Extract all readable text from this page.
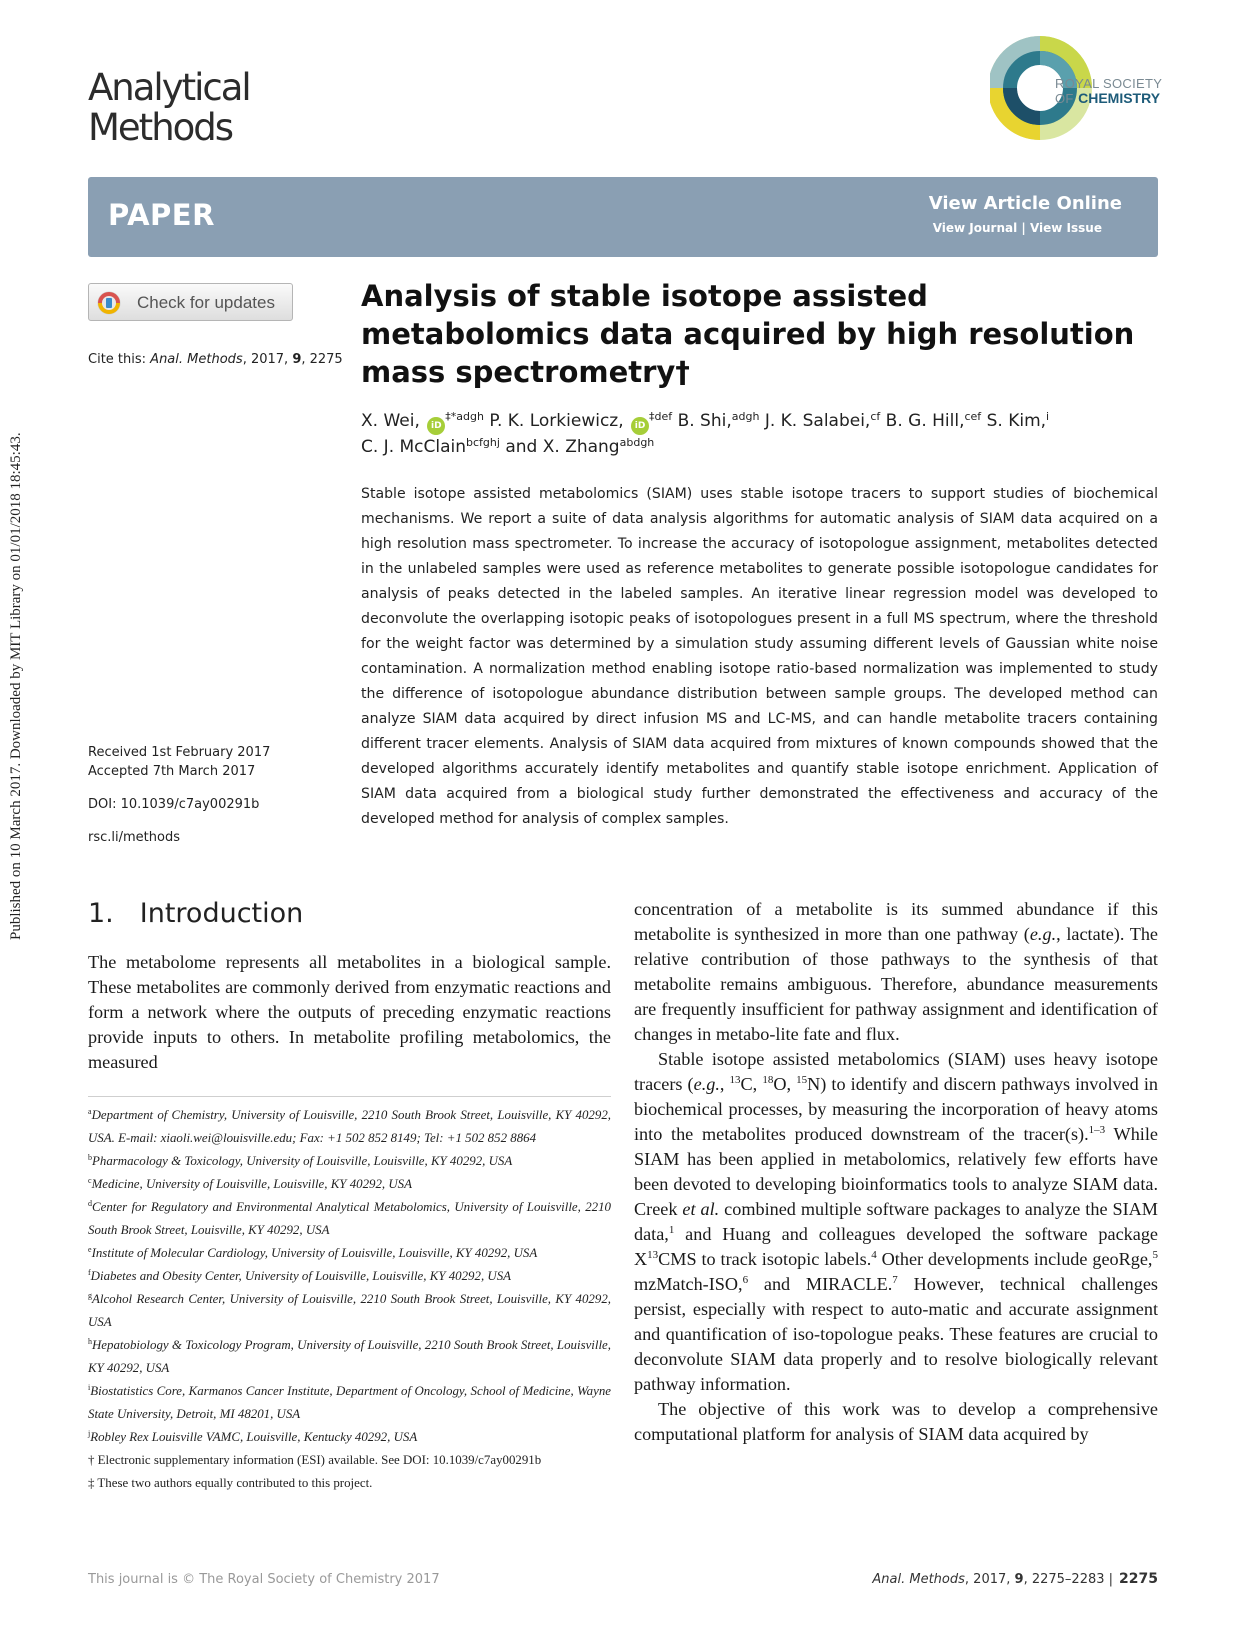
Published on 10 March 2017. Downloaded by MIT Library on 01/01/2018 18:45:43.
Analytical
Methods
ROYAL SOCIETY
OF CHEMISTRY
PAPER	View Article Online
View Journal | View Issue
Check for updates
Cite this: Anal. Methods, 2017, 9, 2275
Received 1st February 2017
Accepted 7th March 2017
DOI: 10.1039/c7ay00291b
rsc.li/methods
Analysis of stable isotope assisted metabolomics data acquired by high resolution mass spectrometry†
X. Wei, $iD^{\ddagger*adgh}$ P. K. Lorkiewicz, $iD^{\ddagger def}$ B. Shi,$^{adgh}$ J. K. Salabei,$^{cf}$ B. G. Hill,$^{cef}$ S. Kim,$^i$
C. J. McClain$^{bcfghj}$ and X. Zhang$^{abdgh}$
Stable isotope assisted metabolomics (SIAM) uses stable isotope tracers to support studies of biochemical mechanisms. We report a suite of data analysis algorithms for automatic analysis of SIAM data acquired on a high resolution mass spectrometer. To increase the accuracy of isotopologue assignment, metabolites detected in the unlabeled samples were used as reference metabolites to generate possible isotopologue candidates for analysis of peaks detected in the labeled samples. An iterative linear regression model was developed to deconvolute the overlapping isotopic peaks of isotopologues present in a full MS spectrum, where the threshold for the weight factor was determined by a simulation study assuming different levels of Gaussian white noise contamination. A normalization method enabling isotope ratio-based normalization was implemented to study the difference of isotopologue abundance distribution between sample groups. The developed method can analyze SIAM data acquired by direct infusion MS and LC-MS, and can handle metabolite tracers containing different tracer elements. Analysis of SIAM data acquired from mixtures of known compounds showed that the developed algorithms accurately identify metabolites and quantify stable isotope enrichment. Application of SIAM data acquired from a biological study further demonstrated the effectiveness and accuracy of the developed method for analysis of complex samples.
1. Introduction

The metabolome represents all metabolites in a biological sample. These metabolites are commonly derived from enzymatic reactions and form a network where the outputs of preceding enzymatic reactions provide inputs to others. In metabolite profiling metabolomics, the measured

$^a$Department of Chemistry, University of Louisville, 2210 South Brook Street, Louisville, KY 40292, USA. E-mail: xiaoli.wei@louisville.edu; Fax: +1 502 852 8149; Tel: +1 502 852 8864

$^b$Pharmacology & Toxicology, University of Louisville, Louisville, KY 40292, USA

$^c$Medicine, University of Louisville, Louisville, KY 40292, USA

$^d$Center for Regulatory and Environmental Analytical Metabolomics, University of Louisville, 2210 South Brook Street, Louisville, KY 40292, USA

$^e$Institute of Molecular Cardiology, University of Louisville, Louisville, KY 40292, USA

$^f$Diabetes and Obesity Center, University of Louisville, Louisville, KY 40292, USA

$^g$Alcohol Research Center, University of Louisville, 2210 South Brook Street, Louisville, KY 40292, USA

$^h$Hepatobiology & Toxicology Program, University of Louisville, 2210 South Brook Street, Louisville, KY 40292, USA

$^i$Biostatistics Core, Karmanos Cancer Institute, Department of Oncology, School of Medicine, Wayne State University, Detroit, MI 48201, USA

$^j$Robley Rex Louisville VAMC, Louisville, Kentucky 40292, USA

† Electronic supplementary information (ESI) available. See DOI: 10.1039/c7ay00291b

‡ These two authors equally contributed to this project.

concentration of a metabolite is its summed abundance if this metabolite is synthesized in more than one pathway (e.g., lactate). The relative contribution of those pathways to the synthesis of that metabolite remains ambiguous. Therefore, abundance measurements are frequently insufficient for pathway assignment and identification of changes in metabo-lite fate and flux.

Stable isotope assisted metabolomics (SIAM) uses heavy isotope tracers (e.g., $^{13}$C, $^{18}$O, $^{15}$N) to identify and discern pathways involved in biochemical processes, by measuring the incorporation of heavy atoms into the metabolites produced downstream of the tracer(s).$^{1-3}$ While SIAM has been applied in metabolomics, relatively few efforts have been devoted to developing bioinformatics tools to analyze SIAM data. Creek et al. combined multiple software packages to analyze the SIAM data,$^1$ and Huang and colleagues developed the software package $X^{13}CMS$ to track isotopic labels.$^4$ Other developments include geoRge,$^5$ mzMatch-ISO,$^6$ and MIRACLE.$^7$ However, technical challenges persist, especially with respect to auto-matic and accurate assignment and quantification of iso-topologue peaks. These features are crucial to deconvolute SIAM data properly and to resolve biologically relevant pathway information.

The objective of this work was to develop a comprehensive computational platform for analysis of SIAM data acquired by

This journal is © The Royal Society of Chemistry 2017	Anal. Methods, 2017, 9, 2275–2283 | 2275
